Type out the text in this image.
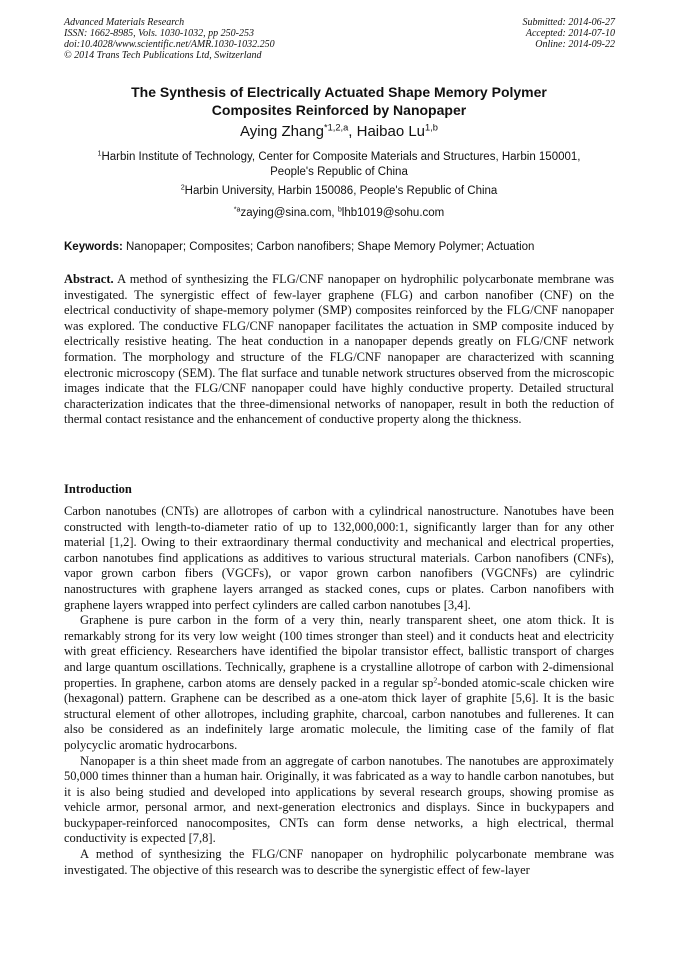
Advanced Materials Research
ISSN: 1662-8985, Vols. 1030-1032, pp 250-253
doi:10.4028/www.scientific.net/AMR.1030-1032.250
© 2014 Trans Tech Publications Ltd, Switzerland
Submitted: 2014-06-27
Accepted: 2014-07-10
Online: 2014-09-22
The Synthesis of Electrically Actuated Shape Memory Polymer
Composites Reinforced by Nanopaper
Aying Zhang$^{*1,2,a}$, Haibao Lu$^{1,b}$
$^1$Harbin Institute of Technology, Center for Composite Materials and Structures, Harbin 150001,
People's Republic of China
$^2$Harbin University, Harbin 150086, People's Republic of China
$^{*a}$zaying@sina.com, $^b$lhb1019@sohu.com
Keywords: Nanopaper; Composites; Carbon nanofibers; Shape Memory Polymer; Actuation
Abstract. A method of synthesizing the FLG/CNF nanopaper on hydrophilic polycarbonate membrane was investigated. The synergistic effect of few-layer graphene (FLG) and carbon nanofiber (CNF) on the electrical conductivity of shape-memory polymer (SMP) composites reinforced by the FLG/CNF nanopaper was explored. The conductive FLG/CNF nanopaper facilitates the actuation in SMP composite induced by electrically resistive heating. The heat conduction in a nanopaper depends greatly on FLG/CNF network formation. The morphology and structure of the FLG/CNF nanopaper are characterized with scanning electronic microscopy (SEM). The flat surface and tunable network structures observed from the microscopic images indicate that the FLG/CNF nanopaper could have highly conductive property. Detailed structural characterization indicates that the three-dimensional networks of nanopaper, result in both the reduction of thermal contact resistance and the enhancement of conductive property along the thickness.
Introduction

Carbon nanotubes (CNTs) are allotropes of carbon with a cylindrical nanostructure. Nanotubes have been constructed with length-to-diameter ratio of up to 132,000,000:1, significantly larger than for any other material [1,2]. Owing to their extraordinary thermal conductivity and mechanical and electrical properties, carbon nanotubes find applications as additives to various structural materials. Carbon nanofibers (CNFs), vapor grown carbon fibers (VGCFs), or vapor grown carbon nanofibers (VGCNFs) are cylindric nanostructures with graphene layers arranged as stacked cones, cups or plates. Carbon nanofibers with graphene layers wrapped into perfect cylinders are called carbon nanotubes [3,4].

Graphene is pure carbon in the form of a very thin, nearly transparent sheet, one atom thick. It is remarkably strong for its very low weight (100 times stronger than steel) and it conducts heat and electricity with great efficiency. Researchers have identified the bipolar transistor effect, ballistic transport of charges and large quantum oscillations. Technically, graphene is a crystalline allotrope of carbon with 2-dimensional properties. In graphene, carbon atoms are densely packed in a regular $sp^2$-bonded atomic-scale chicken wire (hexagonal) pattern. Graphene can be described as a one-atom thick layer of graphite [5,6]. It is the basic structural element of other allotropes, including graphite, charcoal, carbon nanotubes and fullerenes. It can also be considered as an indefinitely large aromatic molecule, the limiting case of the family of flat polycyclic aromatic hydrocarbons.

Nanopaper is a thin sheet made from an aggregate of carbon nanotubes. The nanotubes are approximately 50,000 times thinner than a human hair. Originally, it was fabricated as a way to handle carbon nanotubes, but it is also being studied and developed into applications by several research groups, showing promise as vehicle armor, personal armor, and next-generation electronics and displays. Since in buckypapers and buckypaper-reinforced nanocomposites, CNTs can form dense networks, a high electrical, thermal conductivity is expected [7,8].

A method of synthesizing the FLG/CNF nanopaper on hydrophilic polycarbonate membrane was investigated. The objective of this research was to describe the synergistic effect of few-layer
